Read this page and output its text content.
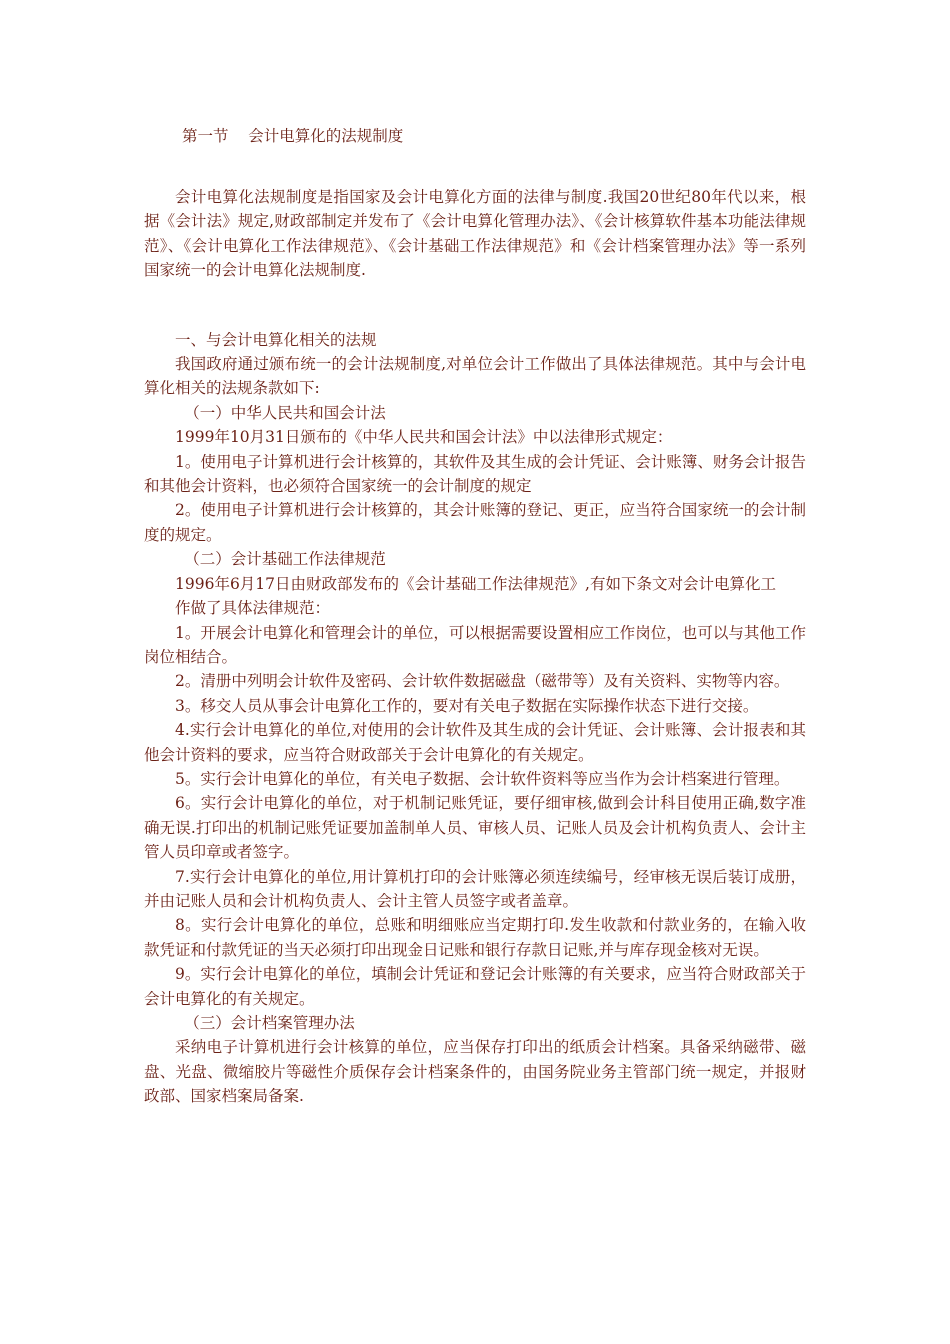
第一节    会计电算化的法规制度

会计电算化法规制度是指国家及会计电算化方面的法律与制度.我国20世纪80年代以来，根据《会计法》规定,财政部制定并发布了《会计电算化管理办法》、《会计核算软件基本功能法律规范》、《会计电算化工作法律规范》、《会计基础工作法律规范》和《会计档案管理办法》等一系列国家统一的会计电算化法规制度.

一、与会计电算化相关的法规

我国政府通过颁布统一的会计法规制度,对单位会计工作做出了具体法律规范。其中与会计电算化相关的法规条款如下:

（一）中华人民共和国会计法

1999年10月31日颁布的《中华人民共和国会计法》中以法律形式规定：

1。使用电子计算机进行会计核算的，其软件及其生成的会计凭证、会计账簿、财务会计报告和其他会计资料，也必须符合国家统一的会计制度的规定

2。使用电子计算机进行会计核算的，其会计账簿的登记、更正，应当符合国家统一的会计制度的规定。

（二）会计基础工作法律规范

1996年6月17日由财政部发布的《会计基础工作法律规范》,有如下条文对会计电算化工

作做了具体法律规范：

1。开展会计电算化和管理会计的单位，可以根据需要设置相应工作岗位，也可以与其他工作岗位相结合。

2。清册中列明会计软件及密码、会计软件数据磁盘（磁带等）及有关资料、实物等内容。

3。移交人员从事会计电算化工作的，要对有关电子数据在实际操作状态下进行交接。

4.实行会计电算化的单位,对使用的会计软件及其生成的会计凭证、会计账簿、会计报表和其他会计资料的要求，应当符合财政部关于会计电算化的有关规定。

5。实行会计电算化的单位，有关电子数据、会计软件资料等应当作为会计档案进行管理。

6。实行会计电算化的单位，对于机制记账凭证，要仔细审核,做到会计科目使用正确,数字准确无误.打印出的机制记账凭证要加盖制单人员、审核人员、记账人员及会计机构负责人、会计主管人员印章或者签字。

7.实行会计电算化的单位,用计算机打印的会计账簿必须连续编号，经审核无误后装订成册，并由记账人员和会计机构负责人、会计主管人员签字或者盖章。

8。实行会计电算化的单位，总账和明细账应当定期打印.发生收款和付款业务的，在输入收款凭证和付款凭证的当天必须打印出现金日记账和银行存款日记账,并与库存现金核对无误。

9。实行会计电算化的单位，填制会计凭证和登记会计账簿的有关要求，应当符合财政部关于会计电算化的有关规定。

（三）会计档案管理办法

采纳电子计算机进行会计核算的单位，应当保存打印出的纸质会计档案。具备采纳磁带、磁盘、光盘、微缩胶片等磁性介质保存会计档案条件的，由国务院业务主管部门统一规定，并报财政部、国家档案局备案.
